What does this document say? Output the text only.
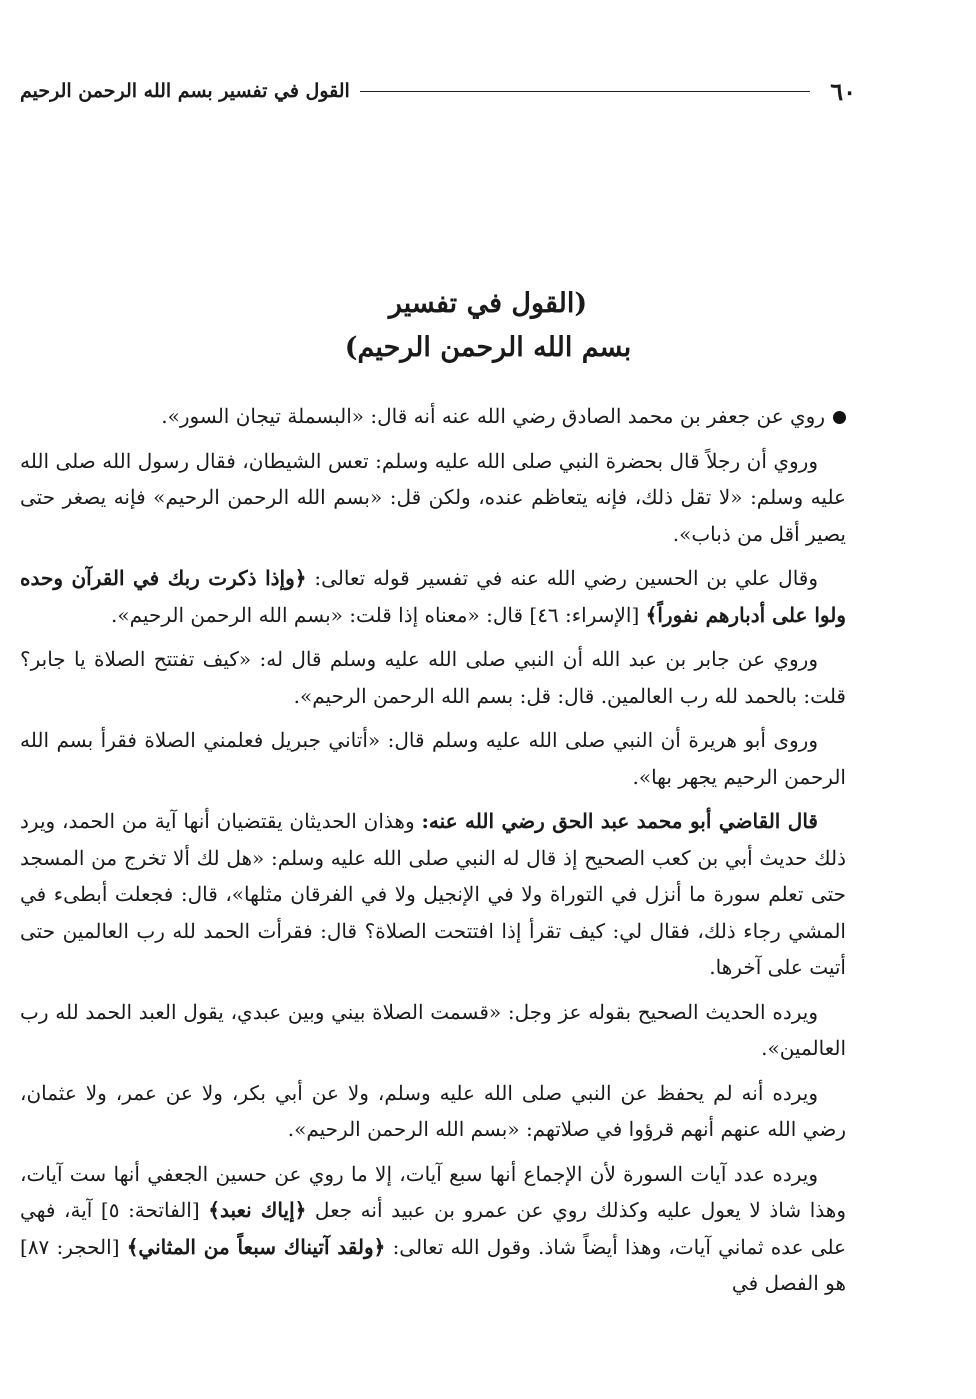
٦٠
القول في تفسير بسم الله الرحمن الرحيم
(القول في تفسير
بسم الله الرحمن الرحيم)

روي عن جعفر بن محمد الصادق رضي الله عنه أنه قال: «البسملة تيجان السور».

وروي أن رجلاً قال بحضرة النبي صلى الله عليه وسلم: تعس الشيطان، فقال رسول الله صلى الله عليه وسلم: «لا تقل ذلك، فإنه يتعاظم عنده، ولكن قل: «بسم الله الرحمن الرحيم» فإنه يصغر حتى يصير أقل من ذباب».

وقال علي بن الحسين رضي الله عنه في تفسير قوله تعالى: ﴿وإذا ذكرت ربك في القرآن وحده ولوا على أدبارهم نفوراً﴾ [الإسراء: ٤٦] قال: «معناه إذا قلت: «بسم الله الرحمن الرحيم».

وروي عن جابر بن عبد الله أن النبي صلى الله عليه وسلم قال له: «كيف تفتتح الصلاة يا جابر؟ قلت: بالحمد لله رب العالمين. قال: قل: بسم الله الرحمن الرحيم».

وروى أبو هريرة أن النبي صلى الله عليه وسلم قال: «أتاني جبريل فعلمني الصلاة فقرأ بسم الله الرحمن الرحيم يجهر بها».

قال القاضي أبو محمد عبد الحق رضي الله عنه: وهذان الحديثان يقتضيان أنها آية من الحمد، ويرد ذلك حديث أبي بن كعب الصحيح إذ قال له النبي صلى الله عليه وسلم: «هل لك ألا تخرج من المسجد حتى تعلم سورة ما أنزل في التوراة ولا في الإنجيل ولا في الفرقان مثلها»، قال: فجعلت أبطىء في المشي رجاء ذلك، فقال لي: كيف تقرأ إذا افتتحت الصلاة؟ قال: فقرأت الحمد لله رب العالمين حتى أتيت على آخرها.

ويرده الحديث الصحيح بقوله عز وجل: «قسمت الصلاة بيني وبين عبدي، يقول العبد الحمد لله رب العالمين».

ويرده أنه لم يحفظ عن النبي صلى الله عليه وسلم، ولا عن أبي بكر، ولا عن عمر، ولا عثمان، رضي الله عنهم أنهم قرؤوا في صلاتهم: «بسم الله الرحمن الرحيم».

ويرده عدد آيات السورة لأن الإجماع أنها سبع آيات، إلا ما روي عن حسين الجعفي أنها ست آيات، وهذا شاذ لا يعول عليه وكذلك روي عن عمرو بن عبيد أنه جعل ﴿إياك نعبد﴾ [الفاتحة: ٥] آية، فهي على عده ثماني آيات، وهذا أيضاً شاذ. وقول الله تعالى: ﴿ولقد آتيناك سبعاً من المثاني﴾ [الحجر: ٨٧] هو الفصل في
